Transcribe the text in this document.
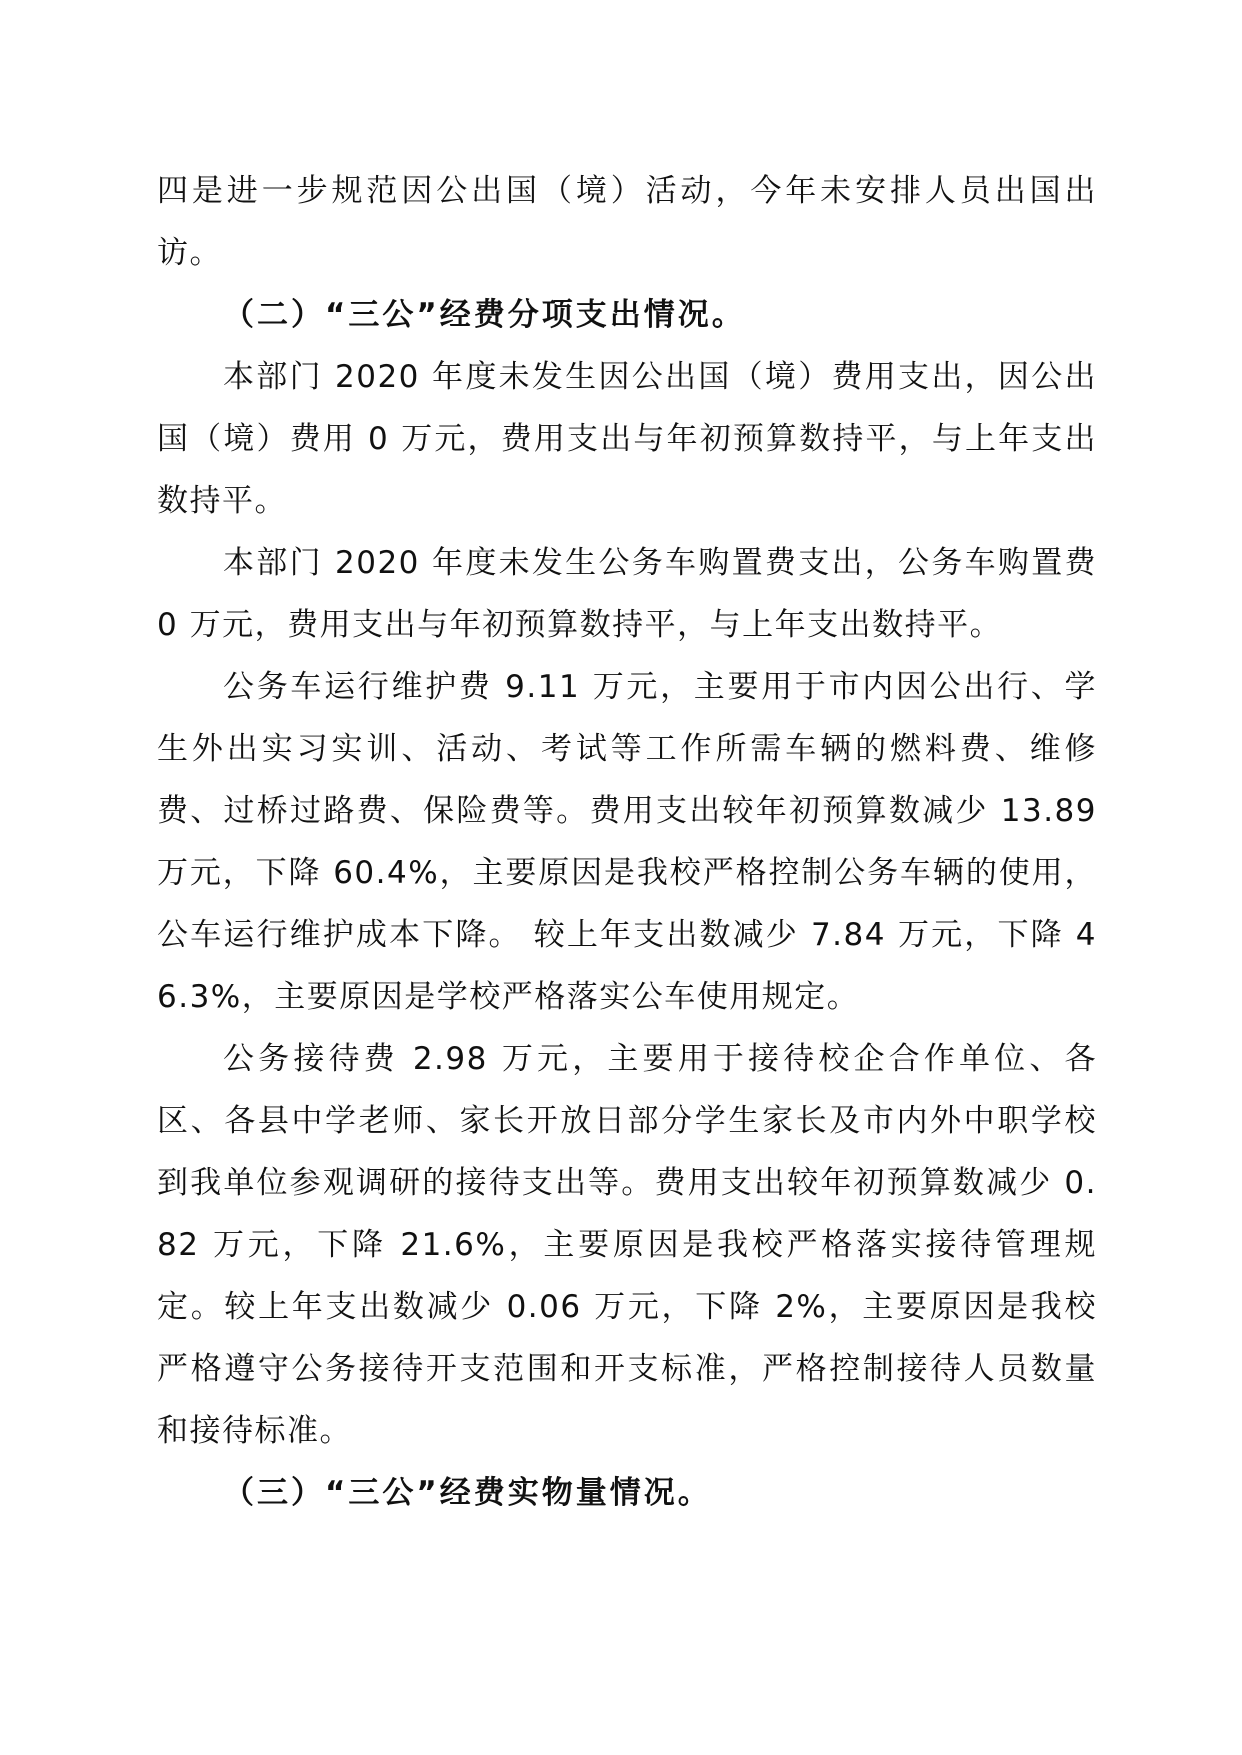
四是进一步规范因公出国（境）活动，今年未安排人员出国出访。

（二）“三公”经费分项支出情况。

本部门 2020 年度未发生因公出国（境）费用支出，因公出国（境）费用 0 万元，费用支出与年初预算数持平，与上年支出数持平。

本部门 2020 年度未发生公务车购置费支出，公务车购置费 0 万元，费用支出与年初预算数持平，与上年支出数持平。

公务车运行维护费 9.11 万元，主要用于市内因公出行、学生外出实习实训、活动、考试等工作所需车辆的燃料费、维修费、过桥过路费、保险费等。费用支出较年初预算数减少 13.89 万元，下降 60.4%，主要原因是我校严格控制公务车辆的使用，公车运行维护成本下降。 较上年支出数减少 7.84 万元，下降 46.3%，主要原因是学校严格落实公车使用规定。

公务接待费 2.98 万元，主要用于接待校企合作单位、各区、各县中学老师、家长开放日部分学生家长及市内外中职学校到我单位参观调研的接待支出等。费用支出较年初预算数减少 0.82 万元，下降 21.6%，主要原因是我校严格落实接待管理规定。较上年支出数减少 0.06 万元，下降 2%，主要原因是我校严格遵守公务接待开支范围和开支标准，严格控制接待人员数量和接待标准。

（三）“三公”经费实物量情况。
